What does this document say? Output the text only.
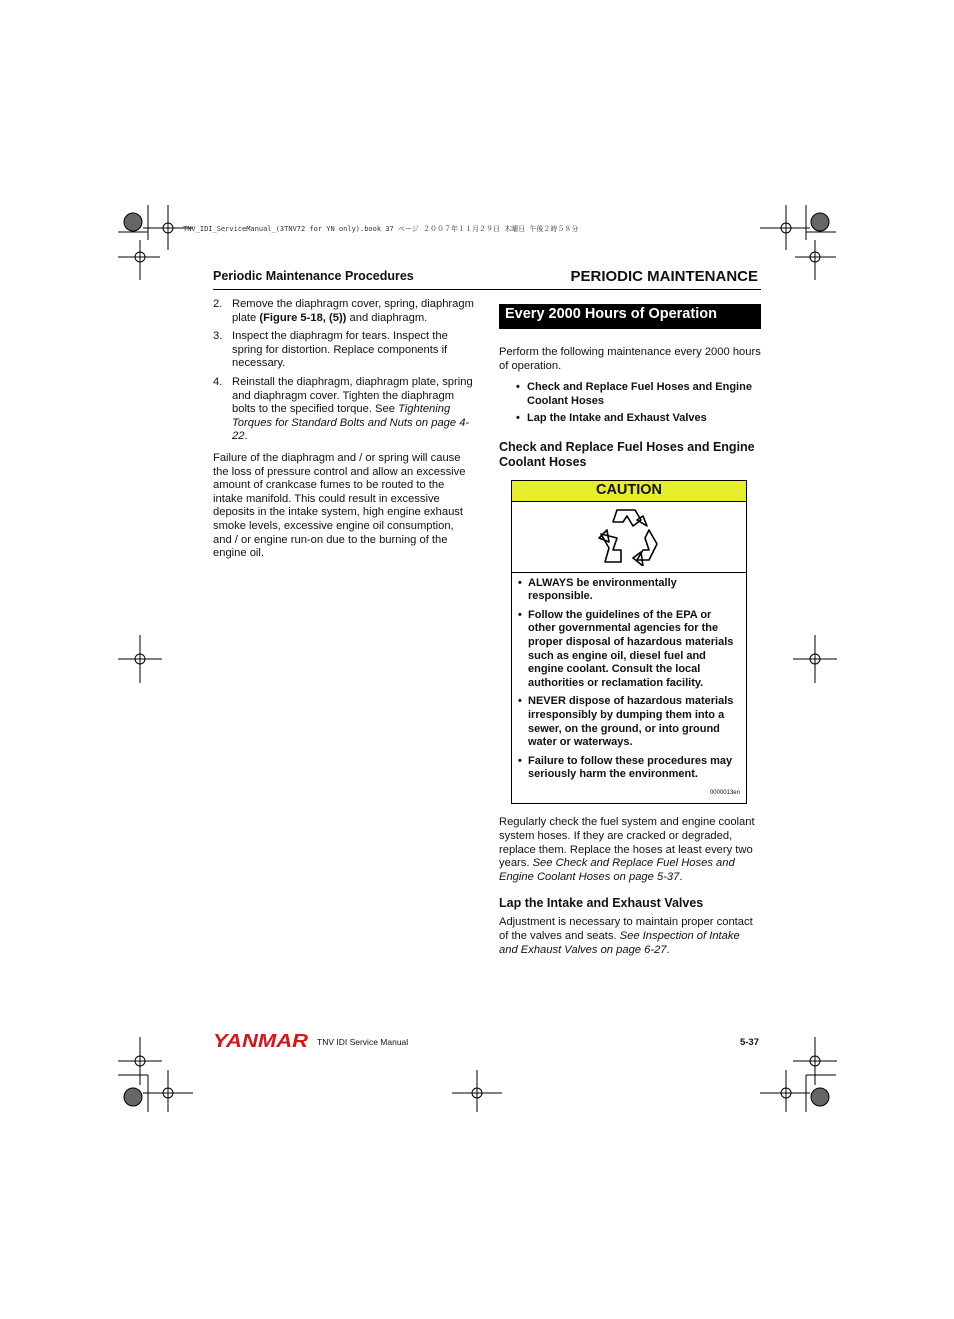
TNV_IDI_ServiceManual_(3TNV72 for YN only).book 37 ページ ２００７年１１月２９日 木曜日 午後２時５８分
Periodic Maintenance Procedures	PERIODIC MAINTENANCE
2. Remove the diaphragm cover, spring, diaphragm plate (Figure 5-18, (5)) and diaphragm.
3. Inspect the diaphragm for tears. Inspect the spring for distortion. Replace components if necessary.
4. Reinstall the diaphragm, diaphragm plate, spring and diaphragm cover. Tighten the diaphragm bolts to the specified torque. See Tightening Torques for Standard Bolts and Nuts on page 4-22.

Failure of the diaphragm and / or spring will cause the loss of pressure control and allow an excessive amount of crankcase fumes to be routed to the intake manifold. This could result in excessive deposits in the intake system, high engine exhaust smoke levels, excessive engine oil consumption, and / or engine run-on due to the burning of the engine oil.

Every 2000 Hours of Operation

Perform the following maintenance every 2000 hours of operation.

• Check and Replace Fuel Hoses and Engine Coolant Hoses
• Lap the Intake and Exhaust Valves
Check and Replace Fuel Hoses and Engine Coolant Hoses
CAUTION
• ALWAYS be environmentally responsible.
• Follow the guidelines of the EPA or other governmental agencies for the proper disposal of hazardous materials such as engine oil, diesel fuel and engine coolant. Consult the local authorities or reclamation facility.
• NEVER dispose of hazardous materials irresponsibly by dumping them into a sewer, on the ground, or into ground water or waterways.
• Failure to follow these procedures may seriously harm the environment.
0000013en

Regularly check the fuel system and engine coolant system hoses. If they are cracked or degraded, replace them. Replace the hoses at least every two years. See Check and Replace Fuel Hoses and Engine Coolant Hoses on page 5-37.

Lap the Intake and Exhaust Valves

Adjustment is necessary to maintain proper contact of the valves and seats. See Inspection of Intake and Exhaust Valves on page 6-27.

YANMAR TNV IDI Service Manual	5-37
